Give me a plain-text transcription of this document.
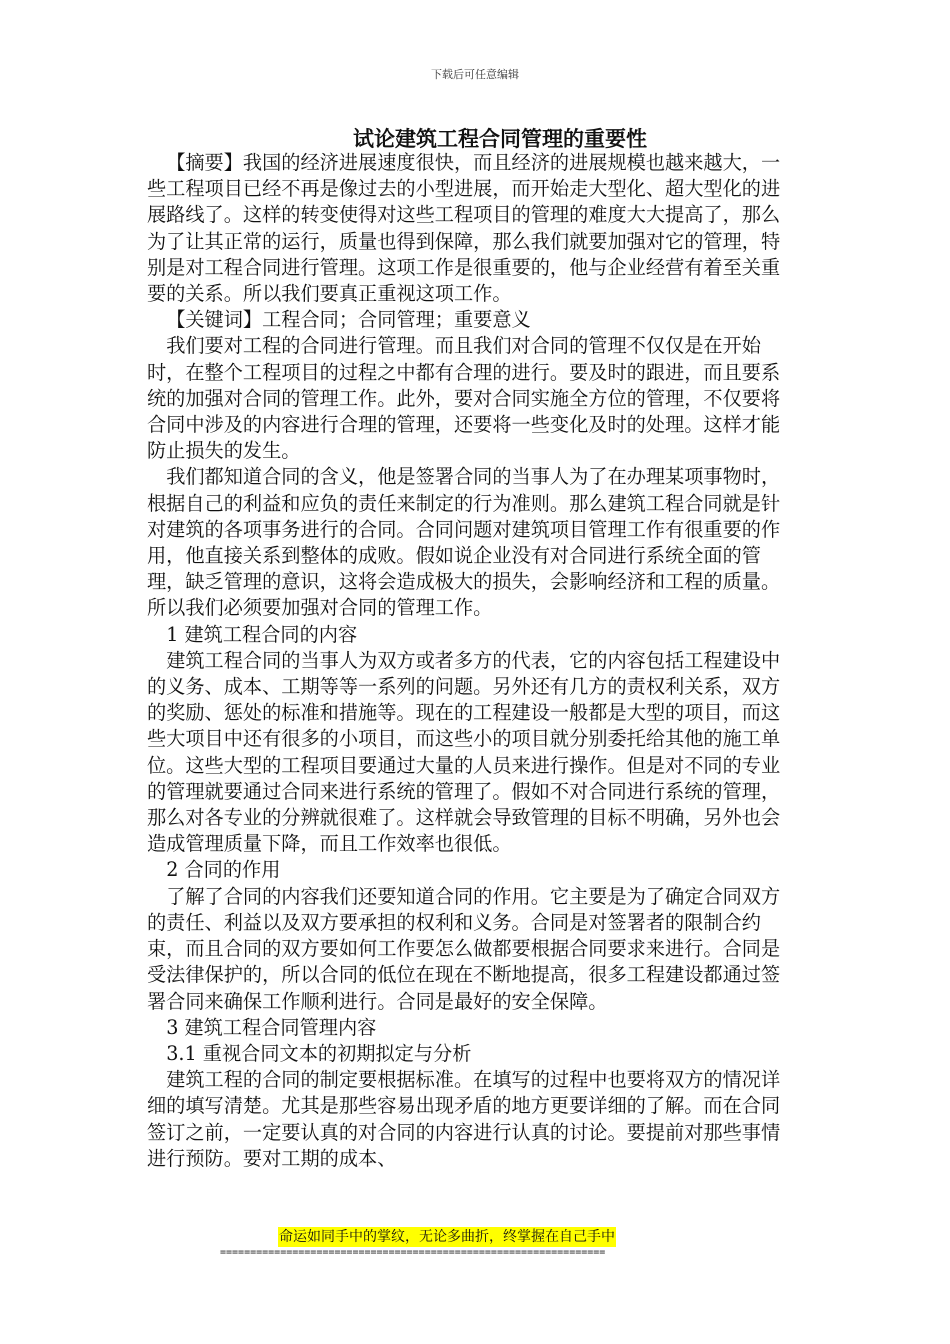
下载后可任意编辑
试论建筑工程合同管理的重要性

【摘要】我国的经济进展速度很快，而且经济的进展规模也越来越大，一些工程项目已经不再是像过去的小型进展，而开始走大型化、超大型化的进展路线了。这样的转变使得对这些工程项目的管理的难度大大提高了，那么为了让其正常的运行，质量也得到保障，那么我们就要加强对它的管理，特别是对工程合同进行管理。这项工作是很重要的，他与企业经营有着至关重要的关系。所以我们要真正重视这项工作。

【关键词】工程合同；合同管理；重要意义

我们要对工程的合同进行管理。而且我们对合同的管理不仅仅是在开始时，在整个工程项目的过程之中都有合理的进行。要及时的跟进，而且要系统的加强对合同的管理工作。此外，要对合同实施全方位的管理，不仅要将合同中涉及的内容进行合理的管理，还要将一些变化及时的处理。这样才能防止损失的发生。

我们都知道合同的含义，他是签署合同的当事人为了在办理某项事物时，根据自己的利益和应负的责任来制定的行为准则。那么建筑工程合同就是针对建筑的各项事务进行的合同。合同问题对建筑项目管理工作有很重要的作用，他直接关系到整体的成败。假如说企业没有对合同进行系统全面的管理，缺乏管理的意识，这将会造成极大的损失，会影响经济和工程的质量。所以我们必须要加强对合同的管理工作。

1 建筑工程合同的内容

建筑工程合同的当事人为双方或者多方的代表，它的内容包括工程建设中的义务、成本、工期等等一系列的问题。另外还有几方的责权利关系，双方的奖励、惩处的标准和措施等。现在的工程建设一般都是大型的项目，而这些大项目中还有很多的小项目，而这些小的项目就分别委托给其他的施工单位。这些大型的工程项目要通过大量的人员来进行操作。但是对不同的专业的管理就要通过合同来进行系统的管理了。假如不对合同进行系统的管理，那么对各专业的分辨就很难了。这样就会导致管理的目标不明确，另外也会造成管理质量下降，而且工作效率也很低。

2 合同的作用

了解了合同的内容我们还要知道合同的作用。它主要是为了确定合同双方的责任、利益以及双方要承担的权利和义务。合同是对签署者的限制合约束，而且合同的双方要如何工作要怎么做都要根据合同要求来进行。合同是受法律保护的，所以合同的低位在现在不断地提高，很多工程建设都通过签署合同来确保工作顺利进行。合同是最好的安全保障。

3 建筑工程合同管理内容

3.1 重视合同文本的初期拟定与分析

建筑工程的合同的制定要根据标准。在填写的过程中也要将双方的情况详细的填写清楚。尤其是那些容易出现矛盾的地方更要详细的了解。而在合同签订之前，一定要认真的对合同的内容进行认真的讨论。要提前对那些事情进行预防。要对工期的成本、

命运如同手中的掌纹，无论多曲折，终掌握在自己手中
================================================================
